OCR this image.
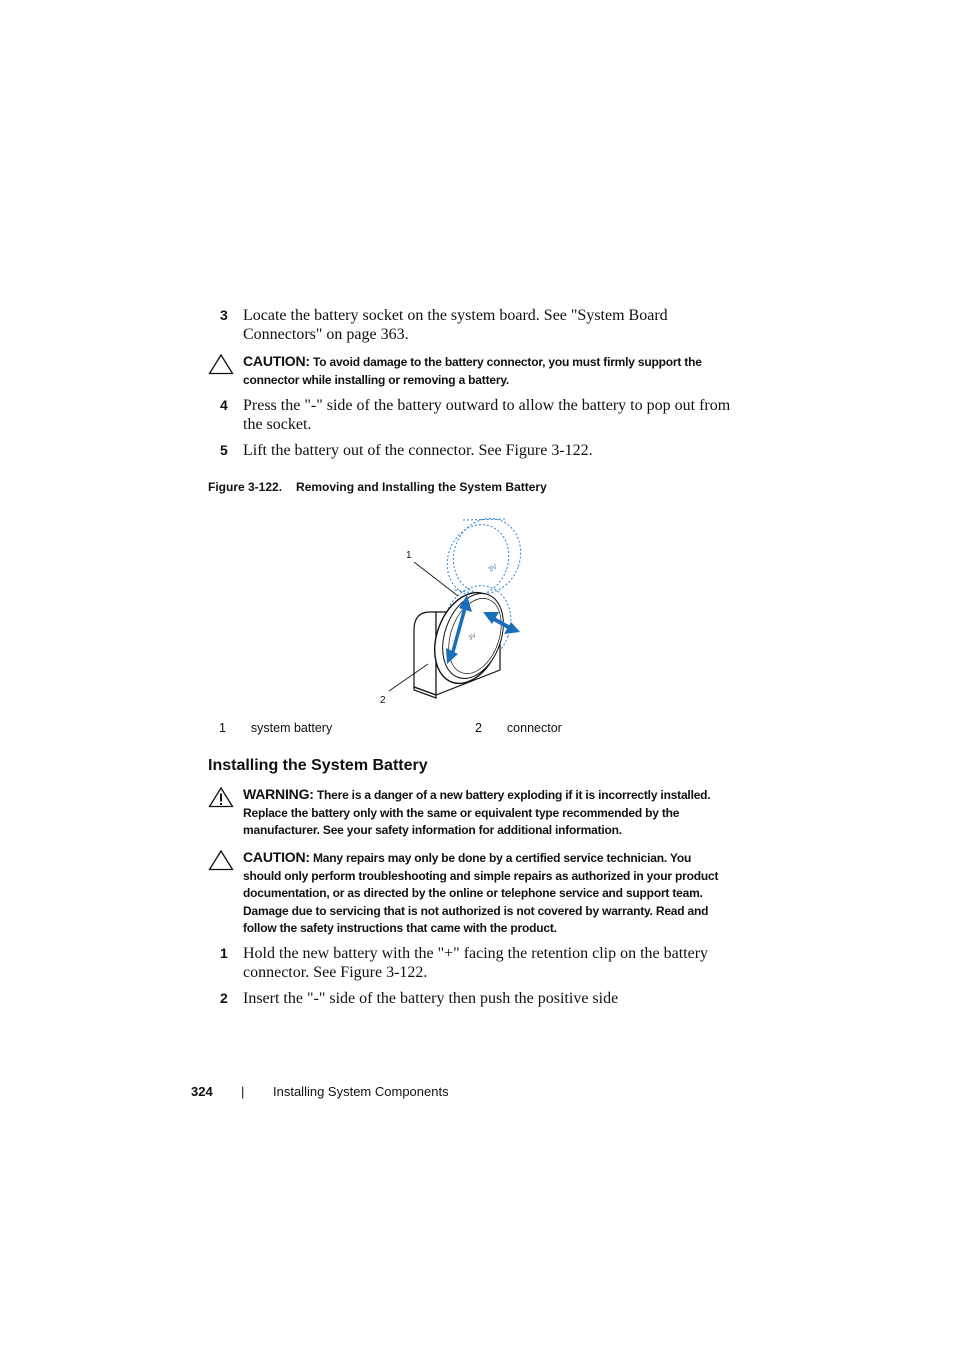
3 Locate the battery socket on the system board. See "System Board Connectors" on page 363.
CAUTION: To avoid damage to the battery connector, you must firmly support the connector while installing or removing a battery.
4 Press the "-" side of the battery outward to allow the battery to pop out from the socket.
5 Lift the battery out of the connector. See Figure 3-122.
Figure 3-122. Removing and Installing the System Battery
3V
3V
1
2
1 system battery	2 connector
Installing the System Battery
WARNING: There is a danger of a new battery exploding if it is incorrectly installed. Replace the battery only with the same or equivalent type recommended by the manufacturer. See your safety information for additional information.
CAUTION: Many repairs may only be done by a certified service technician. You should only perform troubleshooting and simple repairs as authorized in your product documentation, or as directed by the online or telephone service and support team. Damage due to servicing that is not authorized is not covered by warranty. Read and follow the safety instructions that came with the product.
1 Hold the new battery with the "+" facing the retention clip on the battery connector. See Figure 3-122.
2 Insert the "-" side of the battery then push the positive side
324 | Installing System Components
